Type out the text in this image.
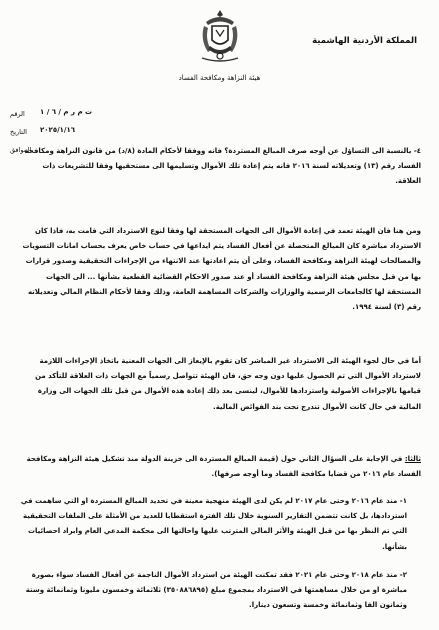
المملكة الأردنية الهاشمية
هيئة النزاهة ومكافحة الفساد
الرقم ت م ر م / ٦ / ١
التاريخ ٢٠٢٥/١/١٦
الموافق

٤- بالنسبة الى التساؤل عن أوجه صرف المبالغ المستردة؟ فانه ووفقا لأحكام المادة (٨/د) من قانون النزاهة ومكافحة الفساد رقم (١٣) وتعديلاته لسنة ٢٠١٦ فانه يتم إعادة تلك الأموال وتسليمها الى مستحقيها وفقا للتشريعات ذات العلاقة.

ومن هنا فان الهيئة تعمد في إعادة الأموال الى الجهات المستحقة لها وفقا لنوع الاسترداد التي قامت به، فاذا كان الاسترداد مباشرة كان المبالغ المتحصلة عن أفعال الفساد يتم ايداعها في حساب خاص يعرف بحساب امانات التسويات والمصالحات لهيئة النزاهة ومكافحة الفساد، وعلى أن يتم اعادتها عند الانتهاء من الإجراءات التحقيقية وصدور قرارات بها من قبل مجلس هيئة النزاهة ومكافحة الفساد أو عند صدور الاحكام القضائية القطعية بشأنها ... الى الجهات المستحقة لها كالجامعات الرسمية والوزارات والشركات المساهمة العامة، وذلك وفقا لأحكام النظام المالي وتعديلاته رقم (٣) لسنة ١٩٩٤.

أما في حال لجوء الهيئة الى الاسترداد غير المباشر كان تقوم بالإيعاز الى الجهات المعنية باتخاذ الإجراءات اللازمة لاسترداد الأموال التي تم الحصول عليها دون وجه حق، فان الهيئة تتواصل رسمياً مع الجهات ذات العلاقة للتأكد من قيامها بالإجراءات الأصولية واستردادها للأموال، لينسى بعد ذلك إعادة هذه الأموال من قبل تلك الجهات الى وزارة المالية في حال كانت الأموال تندرج تحت بند الفوائض المالية.

ثالثا: في الإجابة على السؤال الثاني حول (قيمة المبالغ المستردة الى خزينة الدولة منذ تشكيل هيئة النزاهة ومكافحة الفساد عام ٢٠١٦ من قضايا مكافحة الفساد وما أوجه صرفها).

١- منذ عام ٢٠١٦ وحتى عام ٢٠١٧ لم يكن لدى الهيئة منهجية معينة في تحديد المبالغ المستردة او التي ساهمت في استردادها، بل كانت تتضمن التقارير السنوية خلال تلك الفترة استقطابا للعديد من الأمثلة على الملفات التحقيقية التي تم النظر بها من قبل الهيئة والأثر المالي المترتب عليها واحالتها الى محكمة المدعي العام وابراد احصائيات بشأنها.

٢- منذ عام ٢٠١٨ وحتى عام ٢٠٢١ فقد تمكنت الهيئة من استرداد الأموال الناجمة عن أفعال الفساد سواء بصورة مباشرة او من خلال مساهمتها في الاسترداد بمجموع مبلغ (٣٥٠٨٨٦٨٩٥) ثلاثمائة وخمسون مليونا وثمانمائة وستة وثمانون الفا وثمانمائة وخمسة وتسعون دينارا.
